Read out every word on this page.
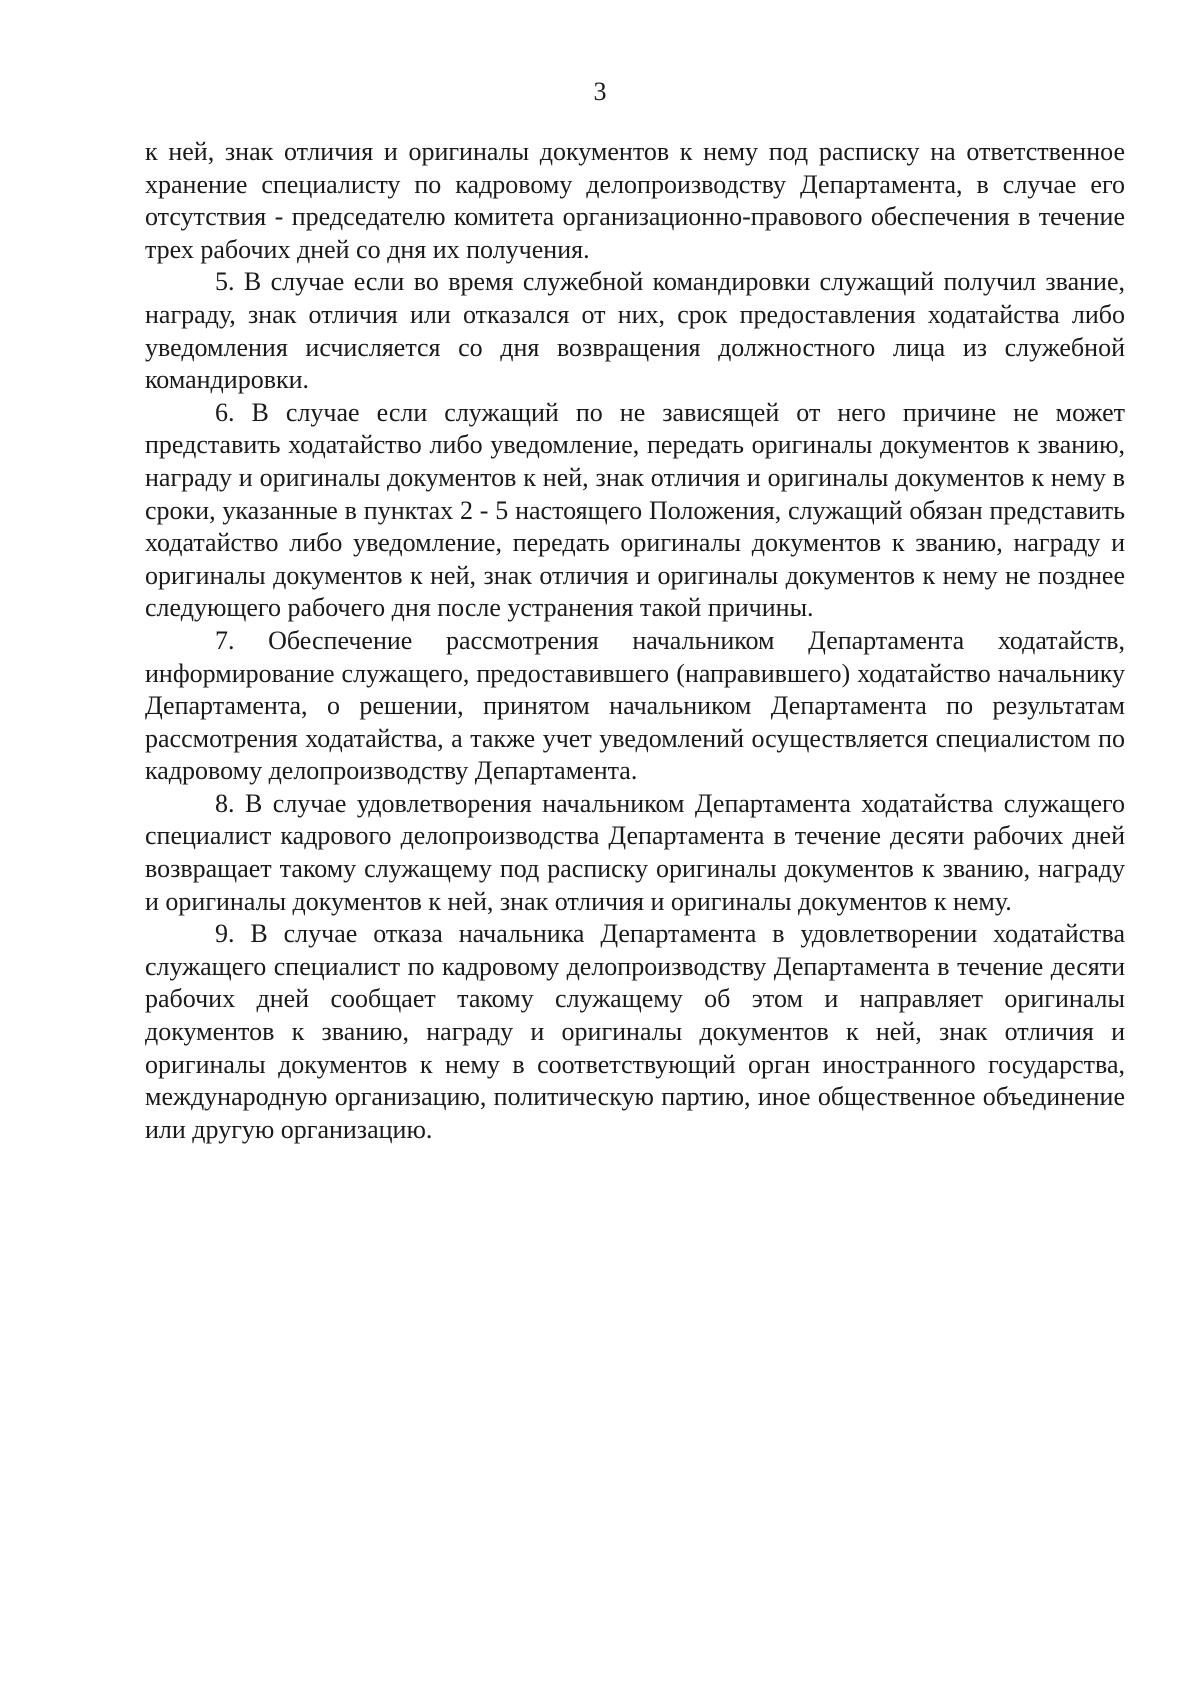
3

к ней, знак отличия и оригиналы документов к нему под расписку на ответственное хранение специалисту по кадровому делопроизводству Департамента, в случае его отсутствия - председателю комитета организационно-правового обеспечения в течение трех рабочих дней со дня их получения.

5. В случае если во время служебной командировки служащий получил звание, награду, знак отличия или отказался от них, срок предоставления ходатайства либо уведомления исчисляется со дня возвращения должностного лица из служебной командировки.

6. В случае если служащий по не зависящей от него причине не может представить ходатайство либо уведомление, передать оригиналы документов к званию, награду и оригиналы документов к ней, знак отличия и оригиналы документов к нему в сроки, указанные в пунктах 2 - 5 настоящего Положения, служащий обязан представить ходатайство либо уведомление, передать оригиналы документов к званию, награду и оригиналы документов к ней, знак отличия и оригиналы документов к нему не позднее следующего рабочего дня после устранения такой причины.

7. Обеспечение рассмотрения начальником Департамента ходатайств, информирование служащего, предоставившего (направившего) ходатайство начальнику Департамента, о решении, принятом начальником Департамента по результатам рассмотрения ходатайства, а также учет уведомлений осуществляется специалистом по кадровому делопроизводству Департамента.

8. В случае удовлетворения начальником Департамента ходатайства служащего специалист кадрового делопроизводства Департамента в течение десяти рабочих дней возвращает такому служащему под расписку оригиналы документов к званию, награду и оригиналы документов к ней, знак отличия и оригиналы документов к нему.

9. В случае отказа начальника Департамента в удовлетворении ходатайства служащего специалист по кадровому делопроизводству Департамента в течение десяти рабочих дней сообщает такому служащему об этом и направляет оригиналы документов к званию, награду и оригиналы документов к ней, знак отличия и оригиналы документов к нему в соответствующий орган иностранного государства, международную организацию, политическую партию, иное общественное объединение или другую организацию.
